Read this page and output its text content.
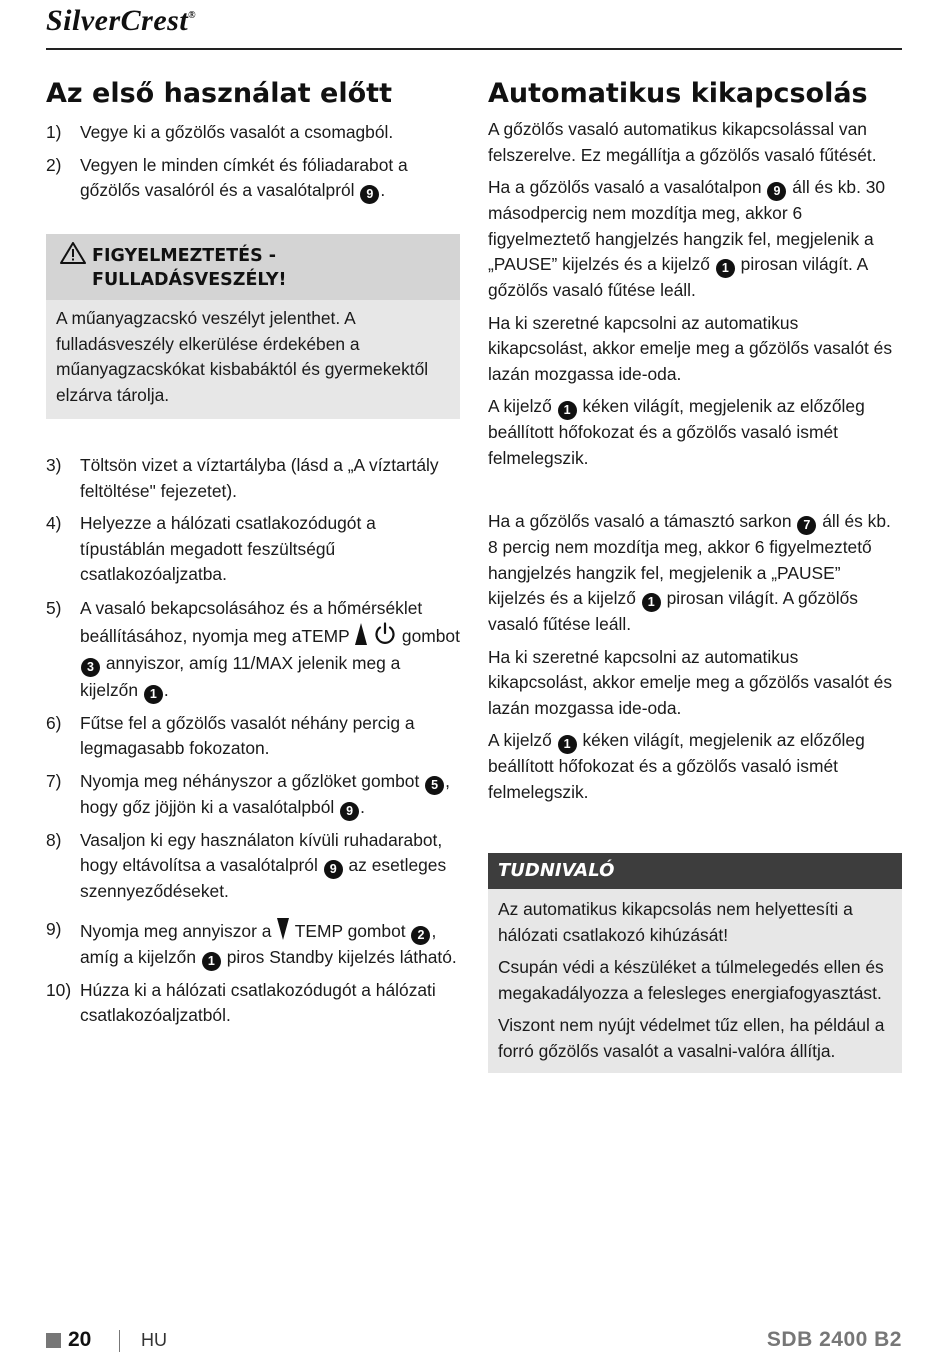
SilverCrest®
Az első használat előtt
1) Vegye ki a gőzölős vasalót a csomagból.
2) Vegyen le minden címkét és fóliadarabot a gőzölős vasalóról és a vasalótalpról 9 .
FIGYELMEZTETÉS -
FULLADÁSVESZÉLY!
A műanyagzacskó veszélyt jelenthet. A fulladásveszély elkerülése érdekében a műanyagzacskókat kisbabáktól és gyermekektől elzárva tárolja.
3) Töltsön vizet a víztartályba (lásd a „A víztartály feltöltése" fejezetet).
4) Helyezze a hálózati csatlakozódugót a típustáblán megadott feszültségű csatlakozóaljzatba.
5) A vasaló bekapcsolásához és a hőmérséklet beállításához, nyomja meg aTEMP	gombot 3 annyiszor, amíg 11/MAX jelenik meg a kijelzőn 1 .
6) Fűtse fel a gőzölős vasalót néhány percig a legmagasabb fokozaton.
7) Nyomja meg néhányszor a gőzlöket gombot 5 , hogy gőz jöjjön ki a vasalótalpból 9 .
8) Vasaljon ki egy használaton kívüli ruhadarabot, hogy eltávolítsa a vasalótalpról 9 az esetleges szennyeződéseket.
9) Nyomja meg annyiszor a TEMP gombot 2 , amíg a kijelzőn 1 piros Standby kijelzés látható.
10) Húzza ki a hálózati csatlakozódugót a hálózati csatlakozóaljzatból.
Automatikus kikapcsolás

A gőzölős vasaló automatikus kikapcsolással van felszerelve. Ez megállítja a gőzölős vasaló fűtését.

Ha a gőzölős vasaló a vasalótalpon 9 áll és kb. 30 másodpercig nem mozdítja meg, akkor 6 figyelmeztető hangjelzés hangzik fel, megjelenik a „PAUSE” kijelzés és a kijelző 1 pirosan világít. A gőzölős vasaló fűtése leáll.

Ha ki szeretné kapcsolni az automatikus kikapcsolást, akkor emelje meg a gőzölős vasalót és lazán mozgassa ide-oda.

A kijelző 1 kéken világít, megjelenik az előzőleg beállított hőfokozat és a gőzölős vasaló ismét felmelegszik.

Ha a gőzölős vasaló a támasztó sarkon 7 áll és kb. 8 percig nem mozdítja meg, akkor 6 figyelmeztető hangjelzés hangzik fel, megjelenik a „PAUSE” kijelzés és a kijelző 1 pirosan világít. A gőzölős vasaló fűtése leáll.

Ha ki szeretné kapcsolni az automatikus kikapcsolást, akkor emelje meg a gőzölős vasalót és lazán mozgassa ide-oda.

A kijelző 1 kéken világít, megjelenik az előzőleg beállított hőfokozat és a gőzölős vasaló ismét felmelegszik.

TUDNIVALÓ

Az automatikus kikapcsolás nem helyettesíti a hálózati csatlakozó kihúzását!

Csupán védi a készüléket a túlmelegedés ellen és megakadályozza a felesleges energiafogyasztást.

Viszont nem nyújt védelmet tűz ellen, ha például a forró gőzölős vasalót a vasalni-valóra állítja.

20	HU	SDB 2400 B2
